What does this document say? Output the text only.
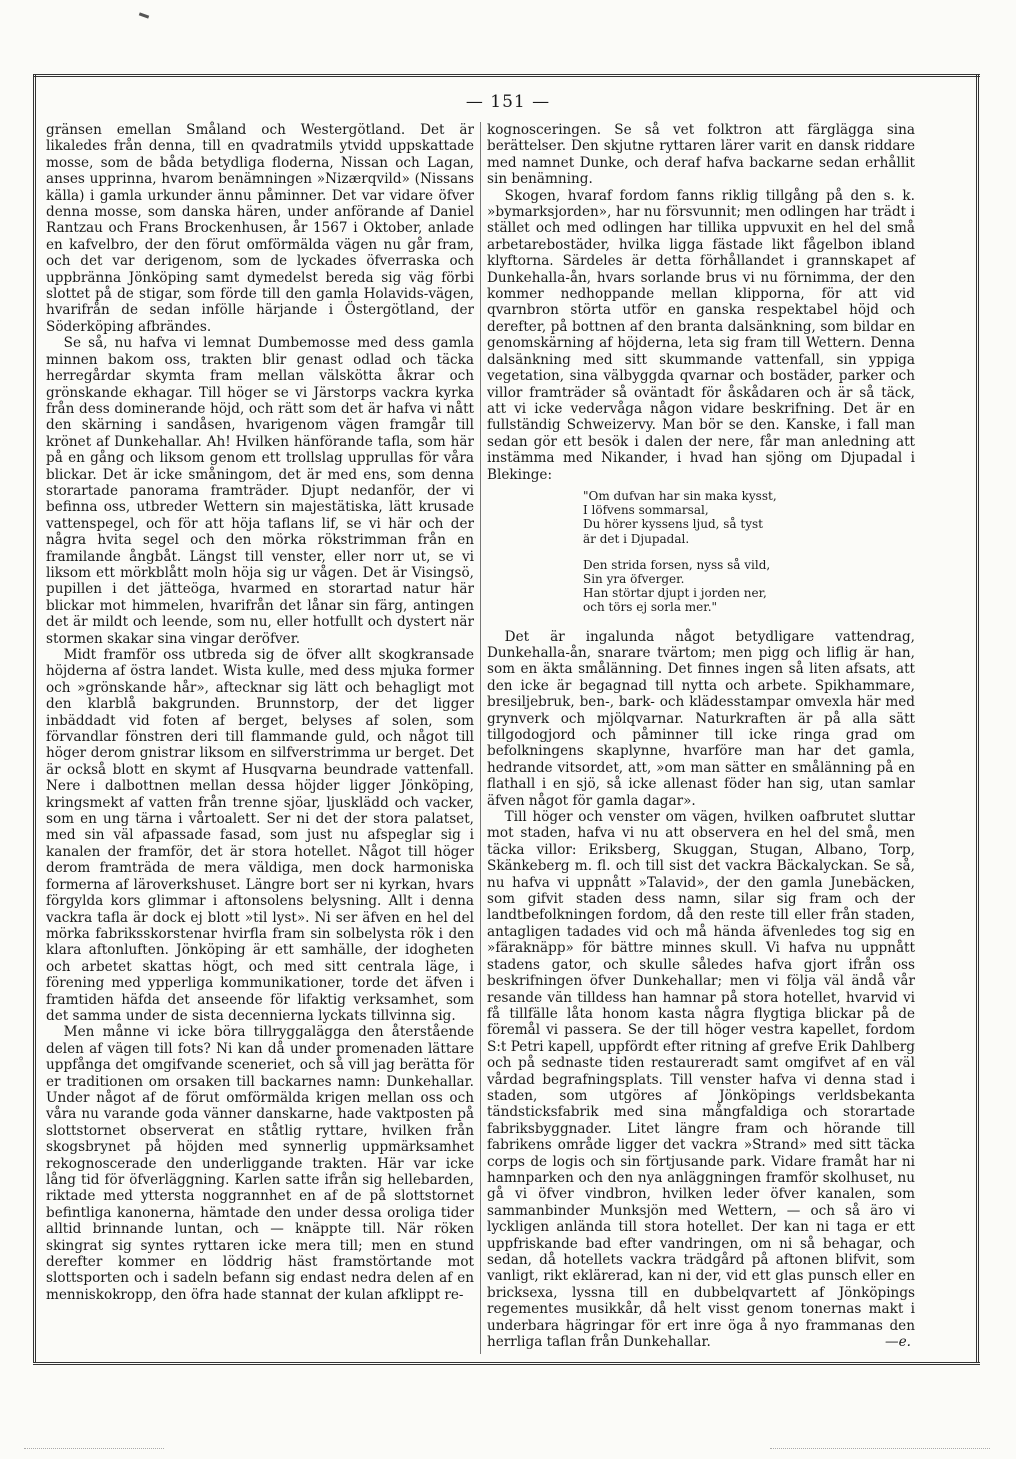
— 151 —

gränsen emellan Småland och Westergötland. Det är likaledes från denna, till en qvadratmils ytvidd uppskattade mosse, som de båda betydliga floderna, Nissan och Lagan, anses upprinna, hvarom benämningen »Nizærqvild» (Nissans källa) i gamla urkunder ännu påminner. Det var vidare öfver denna mosse, som danska hären, under anförande af Daniel Rantzau och Frans Brockenhusen, år 1567 i Oktober, anlade en kafvelbro, der den förut omförmälda vägen nu går fram, och det var derigenom, som de lyckades öfverraska och uppbränna Jönköping samt dymedelst bereda sig väg förbi slottet på de stigar, som förde till den gamla Holavids-vägen, hvarifrån de sedan infölle härjande i Östergötland, der Söderköping afbrändes.

Se så, nu hafva vi lemnat Dumbemosse med dess gamla minnen bakom oss, trakten blir genast odlad och täcka herregårdar skymta fram mellan välskötta åkrar och grönskande ekhagar. Till höger se vi Järstorps vackra kyrka från dess dominerande höjd, och rätt som det är hafva vi nått den skärning i sandåsen, hvarigenom vägen framgår till krönet af Dunkehallar. Ah! Hvilken hänförande tafla, som här på en gång och liksom genom ett trollslag upprullas för våra blickar. Det är icke småningom, det är med ens, som denna storartade panorama framträder. Djupt nedanför, der vi befinna oss, utbreder Wettern sin majestätiska, lätt krusade vattenspegel, och för att höja taflans lif, se vi här och der några hvita segel och den mörka rökstrimman från en framilande ångbåt. Längst till venster, eller norr ut, se vi liksom ett mörkblått moln höja sig ur vågen. Det är Visingsö, pupillen i det jätteöga, hvarmed en storartad natur här blickar mot himmelen, hvarifrån det lånar sin färg, antingen det är mildt och leende, som nu, eller hotfullt och dystert när stormen skakar sina vingar deröfver.

Midt framför oss utbreda sig de öfver allt skogkransade höjderna af östra landet. Wista kulle, med dess mjuka former och »grönskande hår», aftecknar sig lätt och behagligt mot den klarblå bakgrunden. Brunnstorp, der det ligger inbäddadt vid foten af berget, belyses af solen, som förvandlar fönstren deri till flammande guld, och något till höger derom gnistrar liksom en silfverstrimma ur berget. Det är också blott en skymt af Husqvarna beundrade vattenfall. Nere i dalbottnen mellan dessa höjder ligger Jönköping, kringsmekt af vatten från trenne sjöar, ljusklädd och vacker, som en ung tärna i vårtoalett. Ser ni det der stora palatset, med sin väl afpassade fasad, som just nu afspeglar sig i kanalen der framför, det är stora hotellet. Något till höger derom framträda de mera väldiga, men dock harmoniska formerna af läroverkshuset. Längre bort ser ni kyrkan, hvars förgylda kors glimmar i aftonsolens belysning. Allt i denna vackra tafla är dock ej blott »til lyst». Ni ser äfven en hel del mörka fabriksskorstenar hvirfla fram sin solbelysta rök i den klara aftonluften. Jönköping är ett samhälle, der idogheten och arbetet skattas högt, och med sitt centrala läge, i förening med ypperliga kommunikationer, torde det äfven i framtiden häfda det anseende för lifaktig verksamhet, som det samma under de sista decennierna lyckats tillvinna sig.

Men månne vi icke böra tillryggalägga den återstående delen af vägen till fots? Ni kan då under promenaden lättare uppfånga det omgifvande sceneriet, och så vill jag berätta för er traditionen om orsaken till backarnes namn: Dunkehallar. Under något af de förut omförmälda krigen mellan oss och våra nu varande goda vänner danskarne, hade vaktposten på slottstornet observerat en ståtlig ryttare, hvilken från skogsbrynet på höjden med synnerlig uppmärksamhet rekognoscerade den underliggande trakten. Här var icke lång tid för öfverläggning. Karlen satte ifrån sig hellebarden, riktade med yttersta noggrannhet en af de på slottstornet befintliga kanonerna, hämtade den under dessa oroliga tider alltid brinnande luntan, och — knäppte till. När röken skingrat sig syntes ryttaren icke mera till; men en stund derefter kommer en löddrig häst framstörtande mot slottsporten och i sadeln befann sig endast nedra delen af en menniskokropp, den öfra hade stannat der kulan afklippt re-

kognosceringen. Se så vet folktron att färglägga sina berättelser. Den skjutne ryttaren lärer varit en dansk riddare med namnet Dunke, och deraf hafva backarne sedan erhållit sin benämning.

Skogen, hvaraf fordom fanns riklig tillgång på den s. k. »bymarksjorden», har nu försvunnit; men odlingen har trädt i stället och med odlingen har tillika uppvuxit en hel del små arbetarebostäder, hvilka ligga fästade likt fågelbon ibland klyftorna. Särdeles är detta förhållandet i grannskapet af Dunkehalla-ån, hvars sorlande brus vi nu förnimma, der den kommer nedhoppande mellan klipporna, för att vid qvarnbron störta utför en ganska respektabel höjd och derefter, på bottnen af den branta dalsänkning, som bildar en genomskärning af höjderna, leta sig fram till Wettern. Denna dalsänkning med sitt skummande vattenfall, sin yppiga vegetation, sina välbyggda qvarnar och bostäder, parker och villor framträder så oväntadt för åskådaren och är så täck, att vi icke vedervåga någon vidare beskrifning. Det är en fullständig Schweizervy. Man bör se den. Kanske, i fall man sedan gör ett besök i dalen der nere, får man anledning att instämma med Nikander, i hvad han sjöng om Djupadal i Blekinge:

"Om dufvan har sin maka kysst,
I löfvens sommarsal,
Du hörer kyssens ljud, så tyst
är det i Djupadal.
Den strida forsen, nyss så vild,
Sin yra öfverger.
Han störtar djupt i jorden ner,
och törs ej sorla mer."

Det är ingalunda något betydligare vattendrag, Dunkehalla-ån, snarare tvärtom; men pigg och liflig är han, som en äkta smålänning. Det finnes ingen så liten afsats, att den icke är begagnad till nytta och arbete. Spikhammare, bresiljebruk, ben-, bark- och klädesstampar omvexla här med grynverk och mjölqvarnar. Naturkraften är på alla sätt tillgodogjord och påminner till icke ringa grad om befolkningens skaplynne, hvarföre man har det gamla, hedrande vitsordet, att, »om man sätter en smålänning på en flathall i en sjö, så icke allenast föder han sig, utan samlar äfven något för gamla dagar».

Till höger och venster om vägen, hvilken oafbrutet sluttar mot staden, hafva vi nu att observera en hel del små, men täcka villor: Eriksberg, Skuggan, Stugan, Albano, Torp, Skänkeberg m. fl. och till sist det vackra Bäckalyckan. Se så, nu hafva vi uppnått »Talavid», der den gamla Junebäcken, som gifvit staden dess namn, silar sig fram och der landtbefolkningen fordom, då den reste till eller från staden, antagligen tadades vid och må hända äfvenledes tog sig en »färaknäpp» för bättre minnes skull. Vi hafva nu uppnått stadens gator, och skulle således hafva gjort ifrån oss beskrifningen öfver Dunkehallar; men vi följa väl ändå vår resande vän tilldess han hamnar på stora hotellet, hvarvid vi få tillfälle låta honom kasta några flygtiga blickar på de föremål vi passera. Se der till höger vestra kapellet, fordom S:t Petri kapell, uppfördt efter ritning af grefve Erik Dahlberg och på sednaste tiden restaureradt samt omgifvet af en väl vårdad begrafningsplats. Till venster hafva vi denna stad i staden, som utgöres af Jönköpings verldsbekanta tändsticksfabrik med sina mångfaldiga och storartade fabriksbyggnader. Litet längre fram och hörande till fabrikens område ligger det vackra »Strand» med sitt täcka corps de logis och sin förtjusande park. Vidare framåt har ni hamnparken och den nya anläggningen framför skolhuset, nu gå vi öfver vindbron, hvilken leder öfver kanalen, som sammanbinder Munksjön med Wettern, — och så äro vi lyckligen anlända till stora hotellet. Der kan ni taga er ett uppfriskande bad efter vandringen, om ni så behagar, och sedan, då hotellets vackra trädgård på aftonen blifvit, som vanligt, rikt eklärerad, kan ni der, vid ett glas punsch eller en bricksexa, lyssna till en dubbelqvartett af Jönköpings regementes musikkår, då helt visst genom tonernas makt i underbara hägringar för ert inre öga å nyo frammanas den herrliga taflan från Dunkehallar.	—e.
